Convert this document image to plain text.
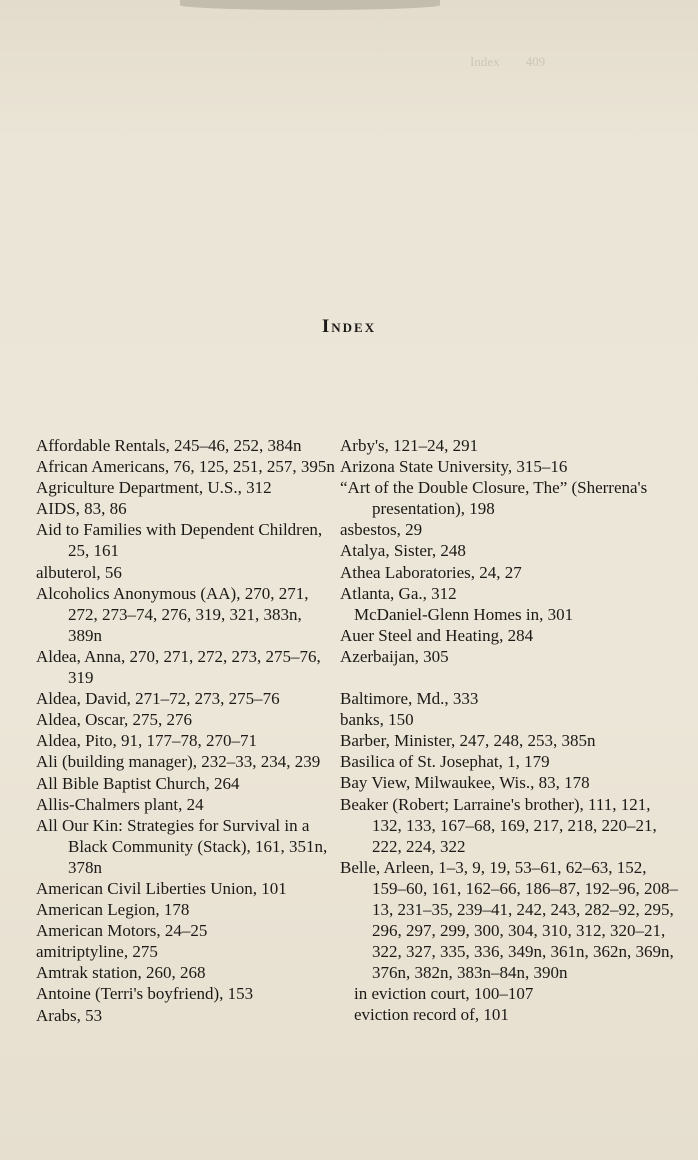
Index        409
Index

Affordable Rentals, 245–46, 252, 384n

African Americans, 76, 125, 251, 257, 395n

Agriculture Department, U.S., 312

AIDS, 83, 86

Aid to Families with Dependent Children, 25, 161

albuterol, 56

Alcoholics Anonymous (AA), 270, 271, 272, 273–74, 276, 319, 321, 383n, 389n

Aldea, Anna, 270, 271, 272, 273, 275–76, 319

Aldea, David, 271–72, 273, 275–76

Aldea, Oscar, 275, 276

Aldea, Pito, 91, 177–78, 270–71

Ali (building manager), 232–33, 234, 239

All Bible Baptist Church, 264

Allis-Chalmers plant, 24

All Our Kin: Strategies for Survival in a Black Community (Stack), 161, 351n, 378n

American Civil Liberties Union, 101

American Legion, 178

American Motors, 24–25

amitriptyline, 275

Amtrak station, 260, 268

Antoine (Terri's boyfriend), 153

Arabs, 53

Arby's, 121–24, 291

Arizona State University, 315–16

“Art of the Double Closure, The” (Sherrena's presentation), 198

asbestos, 29

Atalya, Sister, 248

Athea Laboratories, 24, 27

Atlanta, Ga., 312

McDaniel-Glenn Homes in, 301

Auer Steel and Heating, 284

Azerbaijan, 305

Baltimore, Md., 333

banks, 150

Barber, Minister, 247, 248, 253, 385n

Basilica of St. Josephat, 1, 179

Bay View, Milwaukee, Wis., 83, 178

Beaker (Robert; Larraine's brother), 111, 121, 132, 133, 167–68, 169, 217, 218, 220–21, 222, 224, 322

Belle, Arleen, 1–3, 9, 19, 53–61, 62–63, 152, 159–60, 161, 162–66, 186–87, 192–96, 208–13, 231–35, 239–41, 242, 243, 282–92, 295, 296, 297, 299, 300, 304, 310, 312, 320–21, 322, 327, 335, 336, 349n, 361n, 362n, 369n, 376n, 382n, 383n–84n, 390n

in eviction court, 100–107

eviction record of, 101
